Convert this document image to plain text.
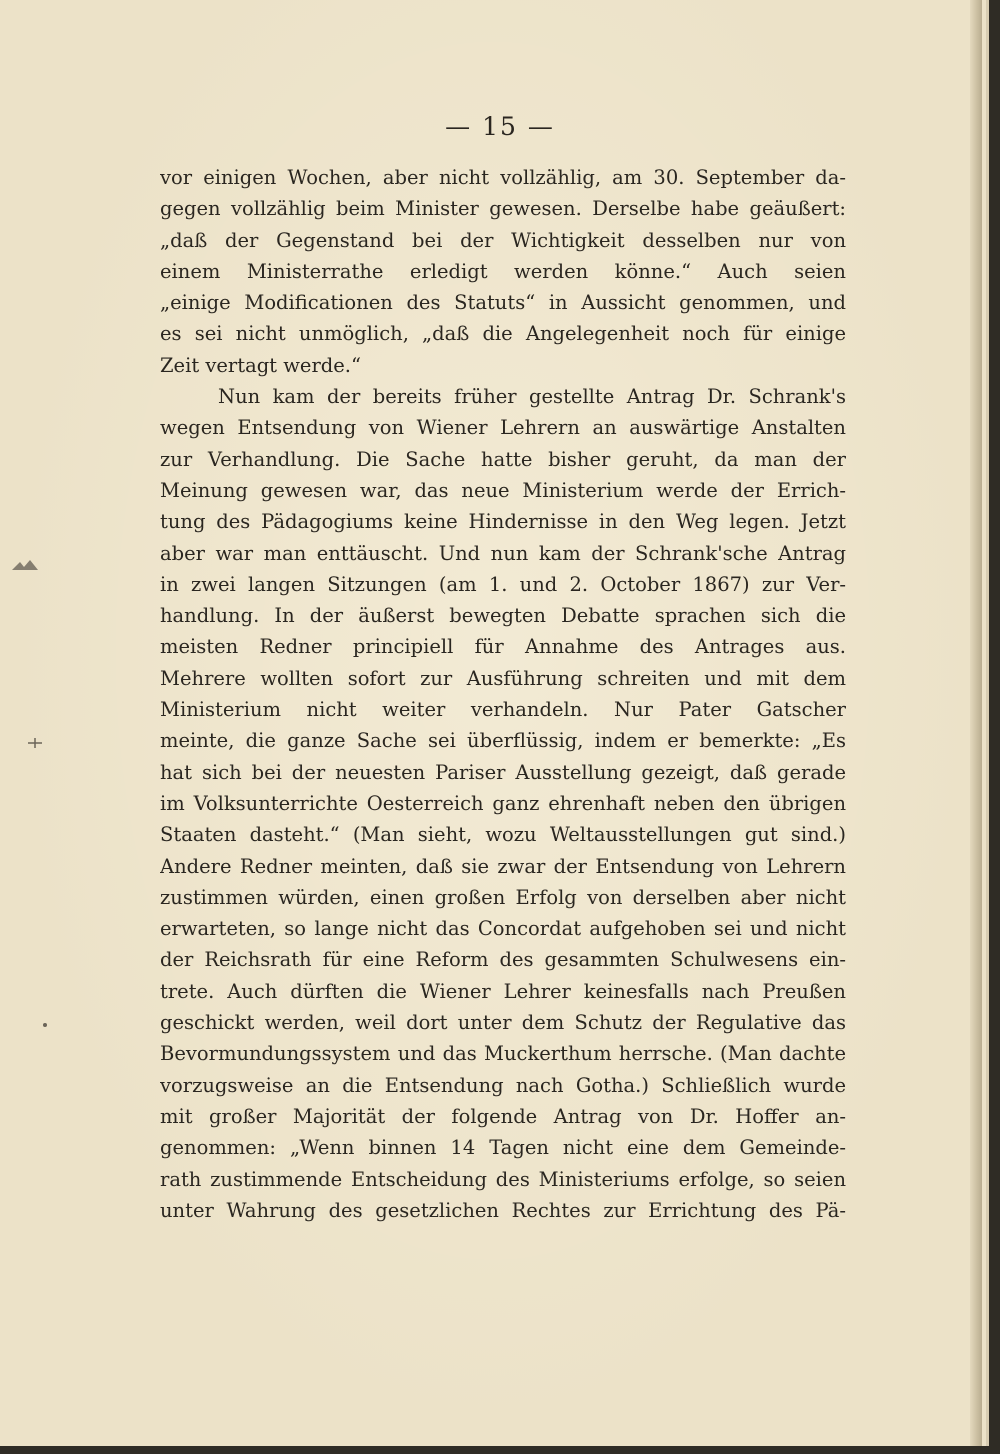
— 15 —
vor einigen Wochen, aber nicht vollzählig, am 30. September da-
gegen vollzählig beim Minister gewesen. Derselbe habe geäußert:
„daß der Gegenstand bei der Wichtigkeit desselben nur von
einem Ministerrathe erledigt werden könne.“ Auch seien
„einige Modificationen des Statuts“ in Aussicht genommen, und
es sei nicht unmöglich, „daß die Angelegenheit noch für einige
Zeit vertagt werde.“
Nun kam der bereits früher gestellte Antrag Dr. Schrank's
wegen Entsendung von Wiener Lehrern an auswärtige Anstalten
zur Verhandlung. Die Sache hatte bisher geruht, da man der
Meinung gewesen war, das neue Ministerium werde der Errich-
tung des Pädagogiums keine Hindernisse in den Weg legen. Jetzt
aber war man enttäuscht. Und nun kam der Schrank'sche Antrag
in zwei langen Sitzungen (am 1. und 2. October 1867) zur Ver-
handlung. In der äußerst bewegten Debatte sprachen sich die
meisten Redner principiell für Annahme des Antrages aus.
Mehrere wollten sofort zur Ausführung schreiten und mit dem
Ministerium nicht weiter verhandeln. Nur Pater Gatscher
meinte, die ganze Sache sei überflüssig, indem er bemerkte: „Es
hat sich bei der neuesten Pariser Ausstellung gezeigt, daß gerade
im Volksunterrichte Oesterreich ganz ehrenhaft neben den übrigen
Staaten dasteht.“ (Man sieht, wozu Weltausstellungen gut sind.)
Andere Redner meinten, daß sie zwar der Entsendung von Lehrern
zustimmen würden, einen großen Erfolg von derselben aber nicht
erwarteten, so lange nicht das Concordat aufgehoben sei und nicht
der Reichsrath für eine Reform des gesammten Schulwesens ein-
trete. Auch dürften die Wiener Lehrer keinesfalls nach Preußen
geschickt werden, weil dort unter dem Schutz der Regulative das
Bevormundungssystem und das Muckerthum herrsche. (Man dachte
vorzugsweise an die Entsendung nach Gotha.) Schließlich wurde
mit großer Majorität der folgende Antrag von Dr. Hoffer an-
genommen: „Wenn binnen 14 Tagen nicht eine dem Gemeinde-
rath zustimmende Entscheidung des Ministeriums erfolge, so seien
unter Wahrung des gesetzlichen Rechtes zur Errichtung des Pä-
